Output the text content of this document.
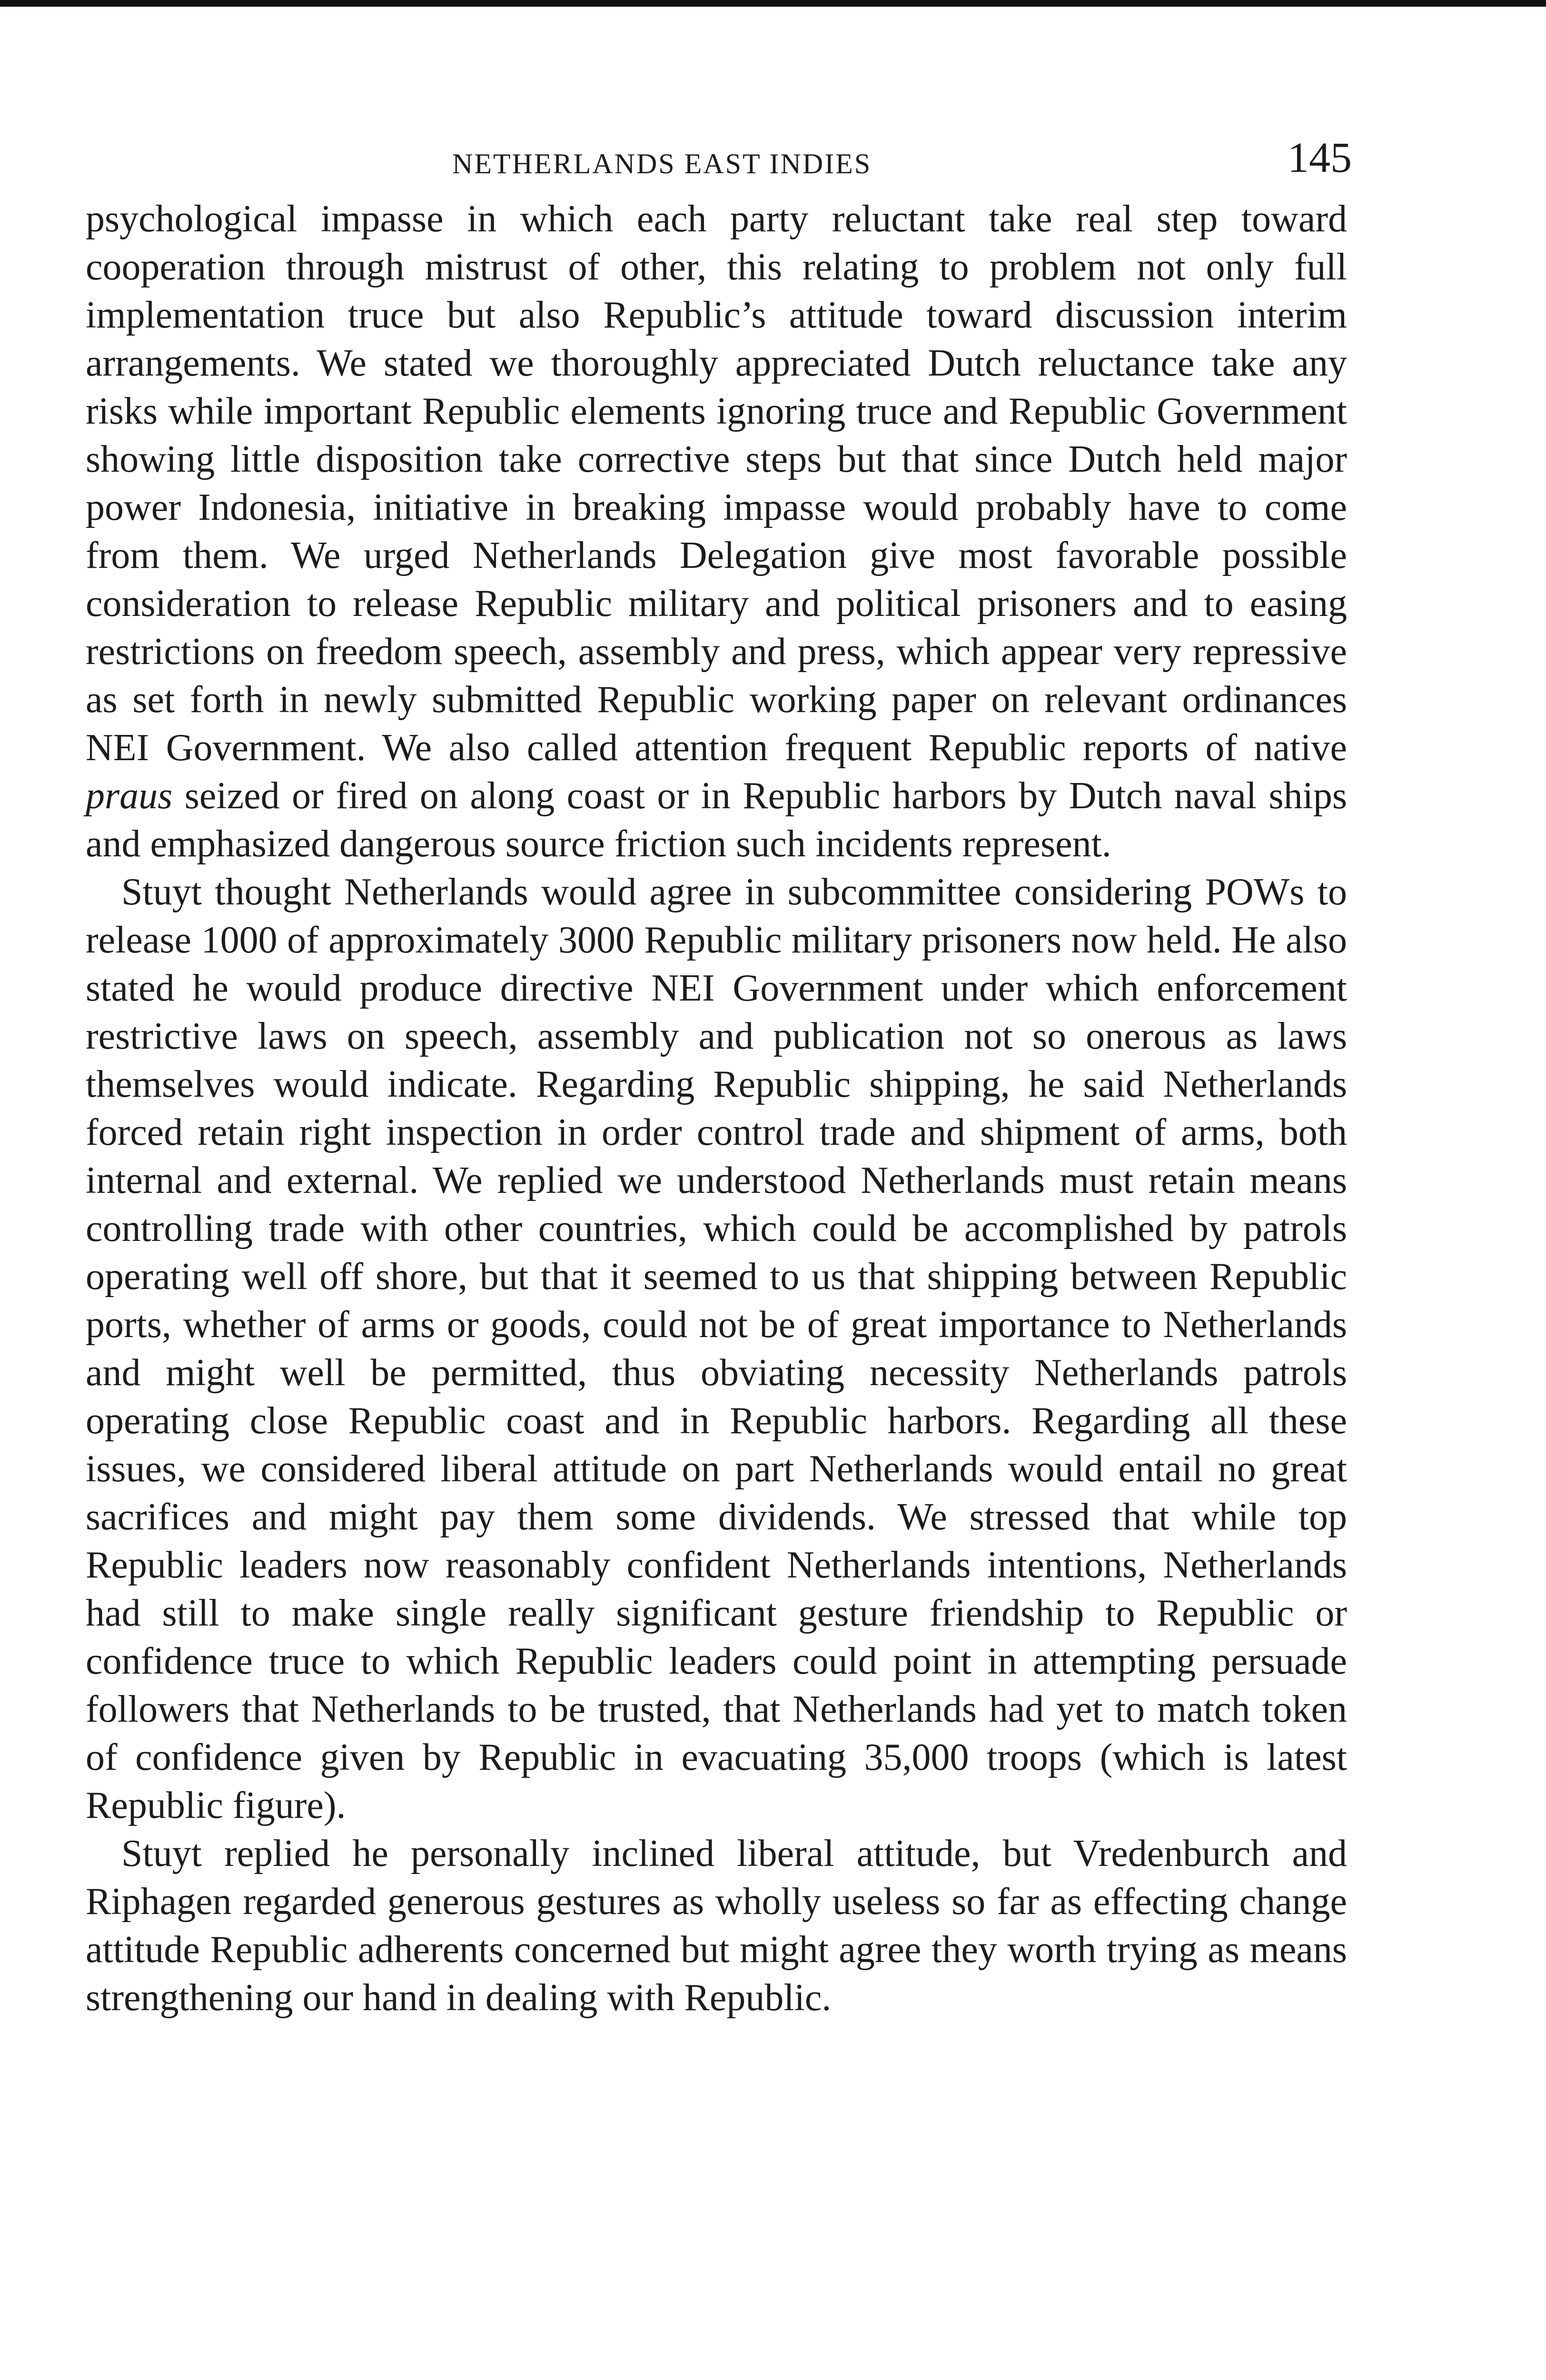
NETHERLANDS EAST INDIES	145

psychological impasse in which each party reluctant take real step toward cooperation through mistrust of other, this relating to problem not only full implementation truce but also Republic’s attitude toward discussion interim arrangements. We stated we thoroughly appreciated Dutch reluctance take any risks while important Republic elements ignoring truce and Republic Government showing little disposition take corrective steps but that since Dutch held major power Indonesia, initiative in breaking impasse would probably have to come from them. We urged Netherlands Delegation give most favorable possible consideration to release Republic military and political prisoners and to easing restrictions on freedom speech, assembly and press, which appear very repressive as set forth in newly submitted Republic working paper on relevant ordinances NEI Government. We also called attention frequent Republic reports of native praus seized or fired on along coast or in Republic harbors by Dutch naval ships and emphasized dangerous source friction such incidents represent.

Stuyt thought Netherlands would agree in subcommittee considering POWs to release 1000 of approximately 3000 Republic military prisoners now held. He also stated he would produce directive NEI Government under which enforcement restrictive laws on speech, assembly and publication not so onerous as laws themselves would indicate. Regarding Republic shipping, he said Netherlands forced retain right inspection in order control trade and shipment of arms, both internal and external. We replied we understood Netherlands must retain means controlling trade with other countries, which could be accomplished by patrols operating well off shore, but that it seemed to us that shipping between Republic ports, whether of arms or goods, could not be of great importance to Netherlands and might well be permitted, thus obviating necessity Netherlands patrols operating close Republic coast and in Republic harbors. Regarding all these issues, we considered liberal attitude on part Netherlands would entail no great sacrifices and might pay them some dividends. We stressed that while top Republic leaders now reasonably confident Netherlands intentions, Netherlands had still to make single really significant gesture friendship to Republic or confidence truce to which Republic leaders could point in attempting persuade followers that Netherlands to be trusted, that Netherlands had yet to match token of confidence given by Republic in evacuating 35,000 troops (which is latest Republic figure).

Stuyt replied he personally inclined liberal attitude, but Vredenburch and Riphagen regarded generous gestures as wholly useless so far as effecting change attitude Republic adherents concerned but might agree they worth trying as means strengthening our hand in dealing with Republic.
